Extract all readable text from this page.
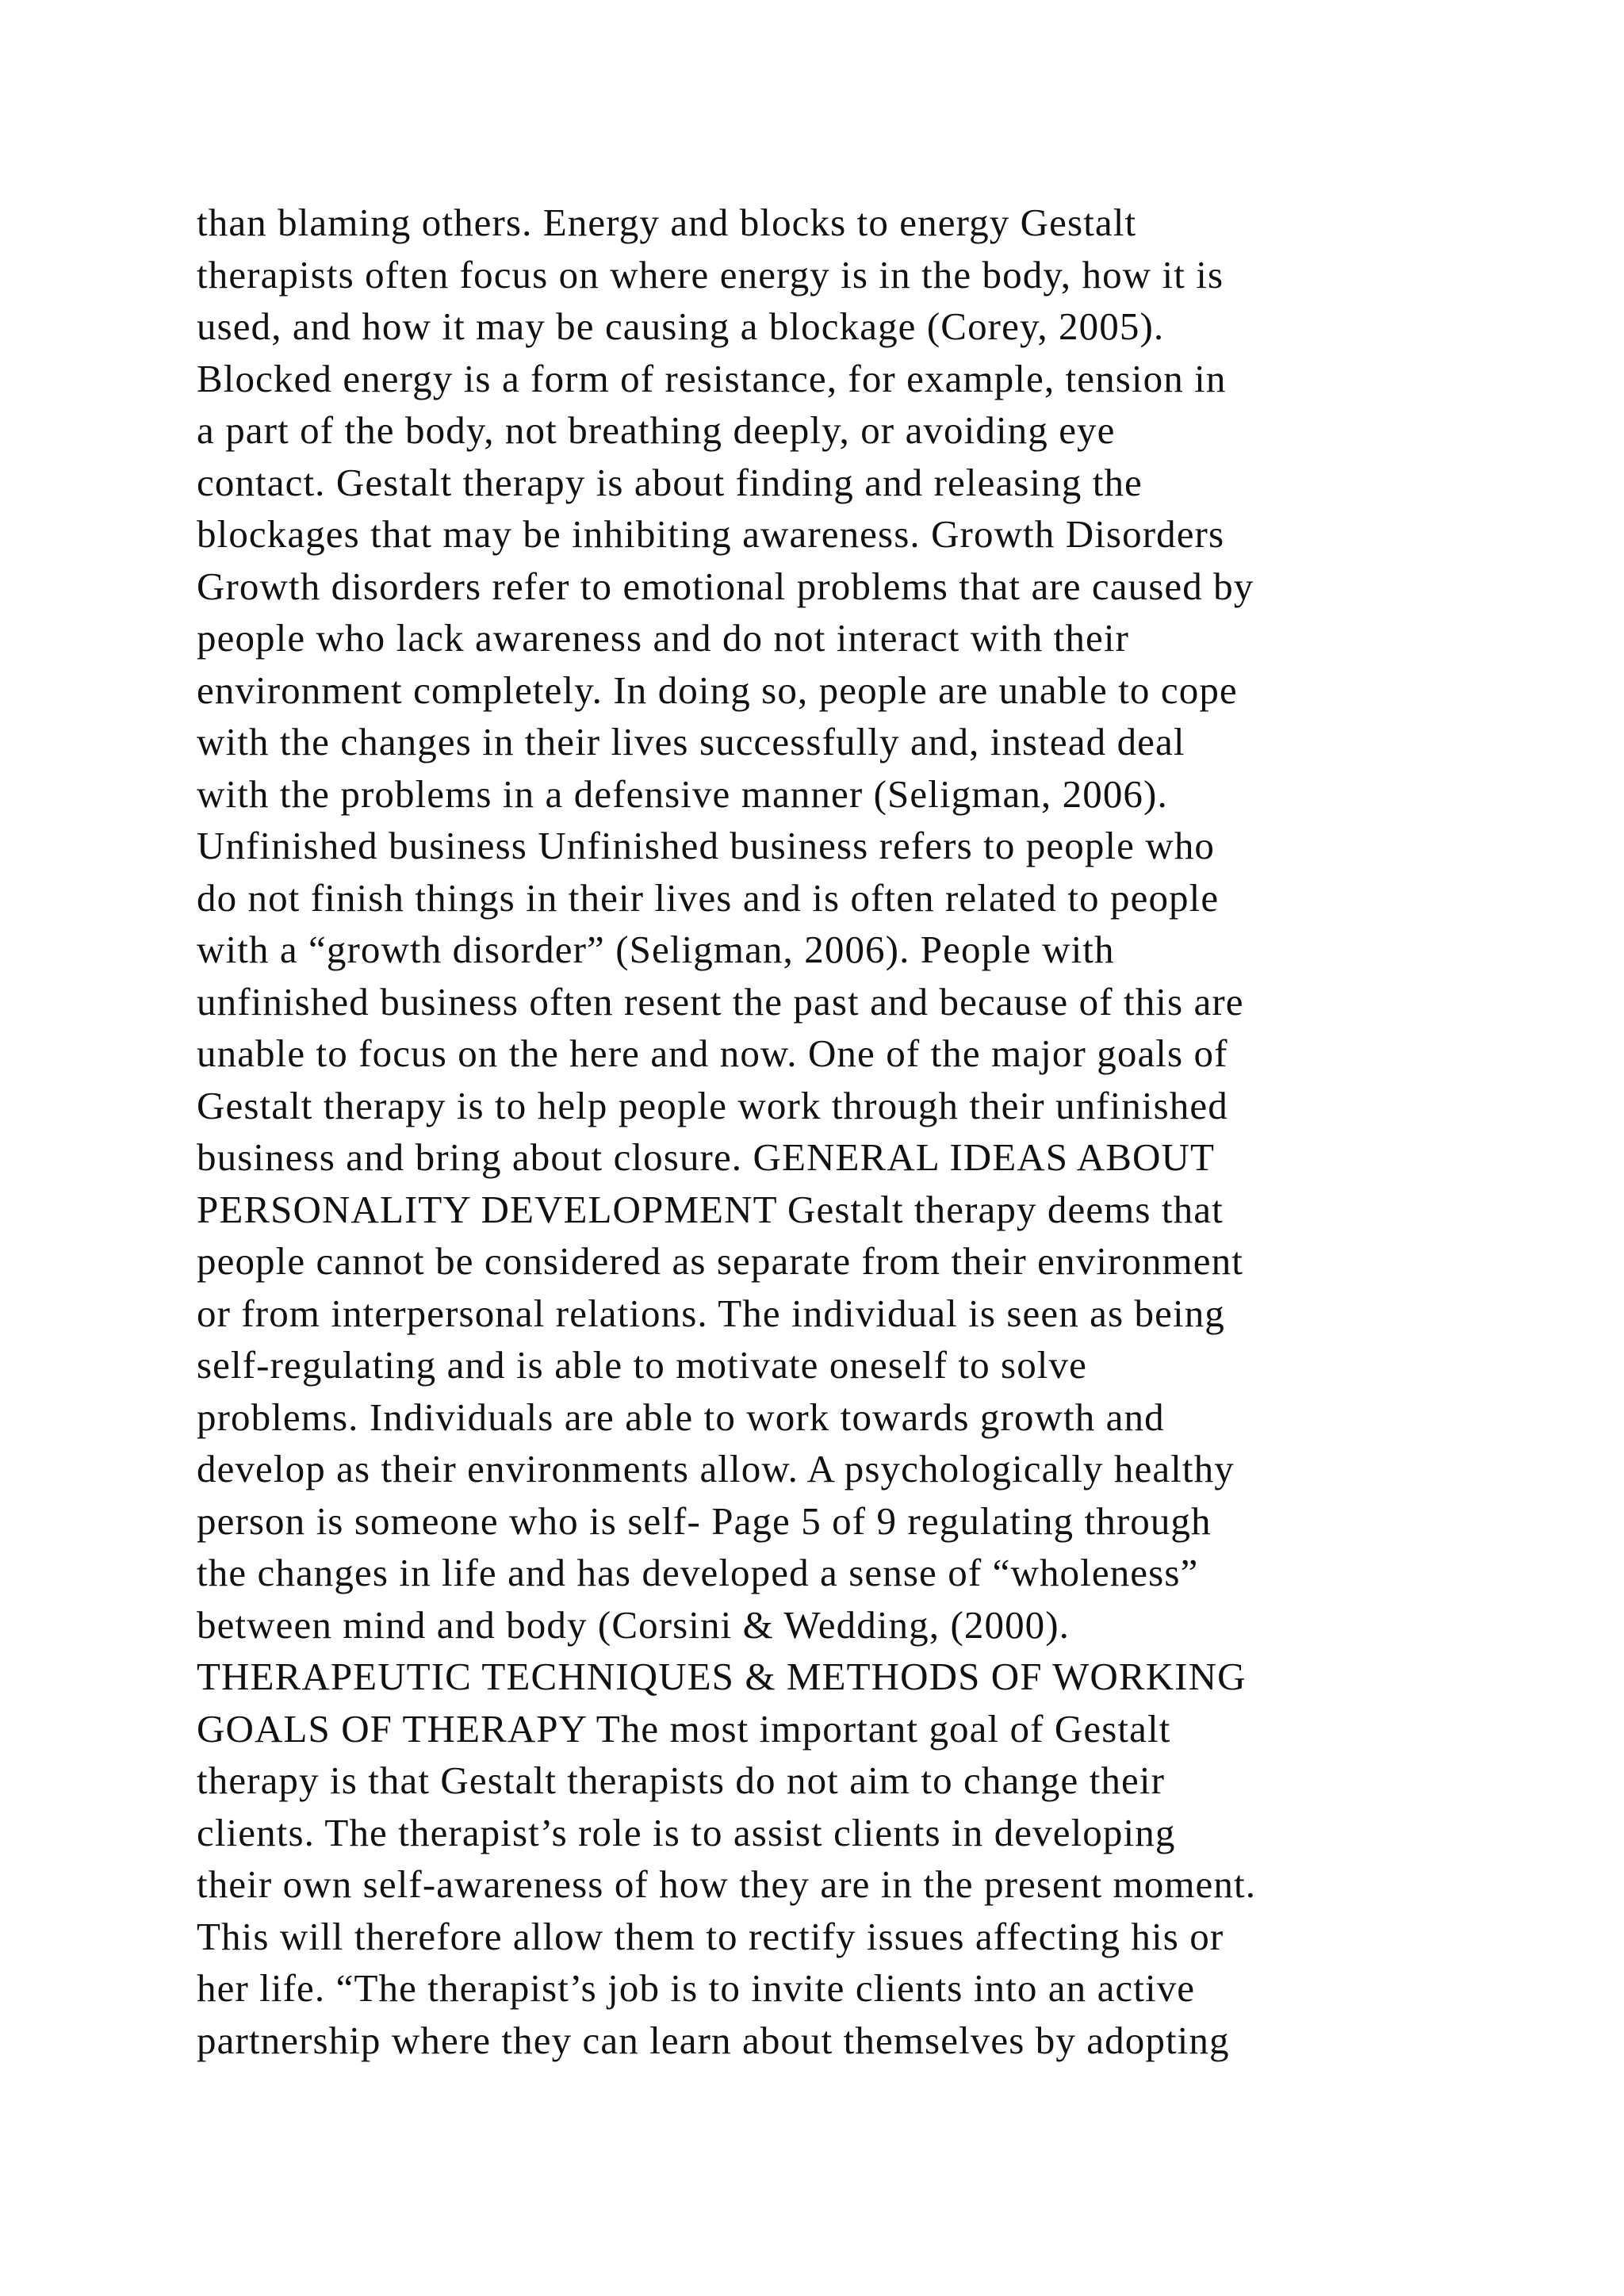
than blaming others. Energy and blocks to energy Gestalt
therapists often focus on where energy is in the body, how it is
used, and how it may be causing a blockage (Corey, 2005).
Blocked energy is a form of resistance, for example, tension in
a part of the body, not breathing deeply, or avoiding eye
contact. Gestalt therapy is about finding and releasing the
blockages that may be inhibiting awareness. Growth Disorders
Growth disorders refer to emotional problems that are caused by
people who lack awareness and do not interact with their
environment completely. In doing so, people are unable to cope
with the changes in their lives successfully and, instead deal
with the problems in a defensive manner (Seligman, 2006).
Unfinished business Unfinished business refers to people who
do not finish things in their lives and is often related to people
with a “growth disorder” (Seligman, 2006). People with
unfinished business often resent the past and because of this are
unable to focus on the here and now. One of the major goals of
Gestalt therapy is to help people work through their unfinished
business and bring about closure. GENERAL IDEAS ABOUT
PERSONALITY DEVELOPMENT Gestalt therapy deems that
people cannot be considered as separate from their environment
or from interpersonal relations. The individual is seen as being
self-regulating and is able to motivate oneself to solve
problems. Individuals are able to work towards growth and
develop as their environments allow. A psychologically healthy
person is someone who is self- Page 5 of 9 regulating through
the changes in life and has developed a sense of “wholeness”
between mind and body (Corsini & Wedding, (2000).
THERAPEUTIC TECHNIQUES & METHODS OF WORKING
GOALS OF THERAPY The most important goal of Gestalt
therapy is that Gestalt therapists do not aim to change their
clients. The therapist’s role is to assist clients in developing
their own self-awareness of how they are in the present moment.
This will therefore allow them to rectify issues affecting his or
her life. “The therapist’s job is to invite clients into an active
partnership where they can learn about themselves by adopting
